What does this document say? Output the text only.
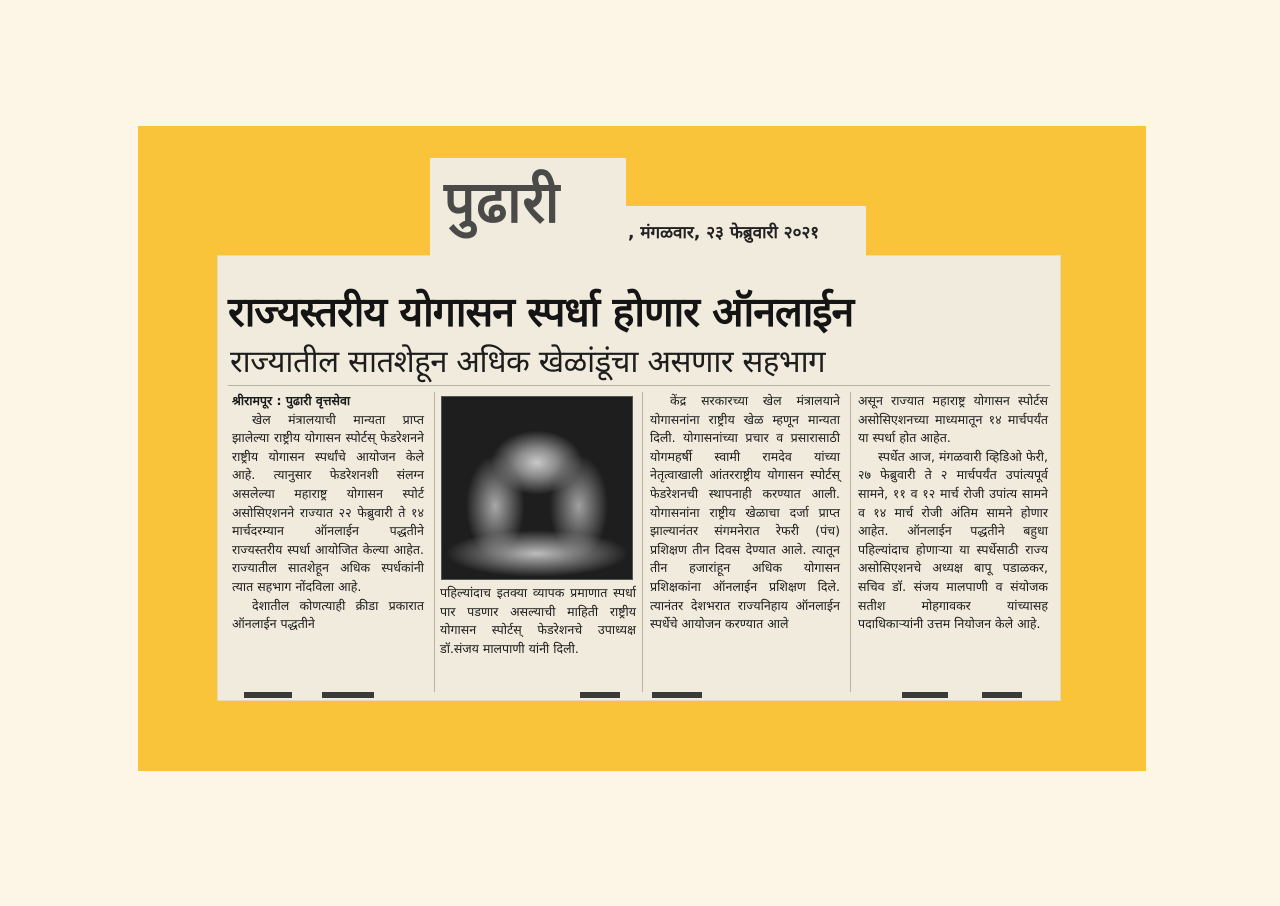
पुढारी	, मंगळवार, २३ फेब्रुवारी २०२१
राज्यस्तरीय योगासन स्पर्धा होणार ऑनलाईन
राज्यातील सातशेहून अधिक खेळांडूंचा असणार सहभाग
श्रीरामपूर : पुढारी वृत्तसेवा

खेल मंत्रालयाची मान्यता प्राप्त झालेल्या राष्ट्रीय योगासन स्पोर्टस् फेडरेशनने राष्ट्रीय योगासन स्पर्धांचे आयोजन केले आहे. त्यानुसार फेडरेशनशी संलग्न असलेल्या महाराष्ट्र योगासन स्पोर्ट असोसिएशनने राज्यात २२ फेब्रुवारी ते १४ मार्चदरम्यान ऑनलाईन पद्धतीने राज्यस्तरीय स्पर्धा आयोजित केल्या आहेत. राज्यातील सातशेहून अधिक स्पर्धकांनी त्यात सहभाग नोंदविला आहे.

देशातील कोणत्याही क्रीडा प्रकारात ऑनलाईन पद्धतीने

पहिल्यांदाच इतक्या व्यापक प्रमाणात स्पर्धा पार पडणार असल्याची माहिती राष्ट्रीय योगासन स्पोर्टस् फेडरेशनचे उपाध्यक्ष डॉ.संजय मालपाणी यांनी दिली.

केंद्र सरकारच्या खेल मंत्रालयाने योगासनांना राष्ट्रीय खेळ म्हणून मान्यता दिली. योगासनांच्या प्रचार व प्रसारासाठी योगमहर्षी स्वामी रामदेव यांच्या नेतृत्वाखाली आंतरराष्ट्रीय योगासन स्पोर्टस् फेडरेशनची स्थापनाही करण्यात आली. योगासनांना राष्ट्रीय खेळाचा दर्जा प्राप्त झाल्यानंतर संगमनेरात रेफरी (पंच) प्रशिक्षण तीन दिवस देण्यात आले. त्यातून तीन हजारांहून अधिक योगासन प्रशिक्षकांना ऑनलाईन प्रशिक्षण दिले. त्यानंतर देशभरात राज्यनिहाय ऑनलाईन स्पर्धेचे आयोजन करण्यात आले

असून राज्यात महाराष्ट्र योगासन स्पोर्टस असोसिएशनच्या माध्यमातून १४ मार्चपर्यंत या स्पर्धा होत आहेत.

स्पर्धेत आज, मंगळवारी व्हिडिओ फेरी, २७ फेब्रुवारी ते २ मार्चपर्यंत उपांत्यपूर्व सामने, ११ व १२ मार्च रोजी उपांत्य सामने व १४ मार्च रोजी अंतिम सामने होणार आहेत. ऑनलाईन पद्धतीने बहुधा पहिल्यांदाच होणाऱ्या या स्पर्धेसाठी राज्य असोसिएशनचे अध्यक्ष बापू पडाळकर, सचिव डॉ. संजय मालपाणी व संयोजक सतीश मोहगावकर यांच्यासह पदाधिकाऱ्यांनी उत्तम नियोजन केले आहे.
